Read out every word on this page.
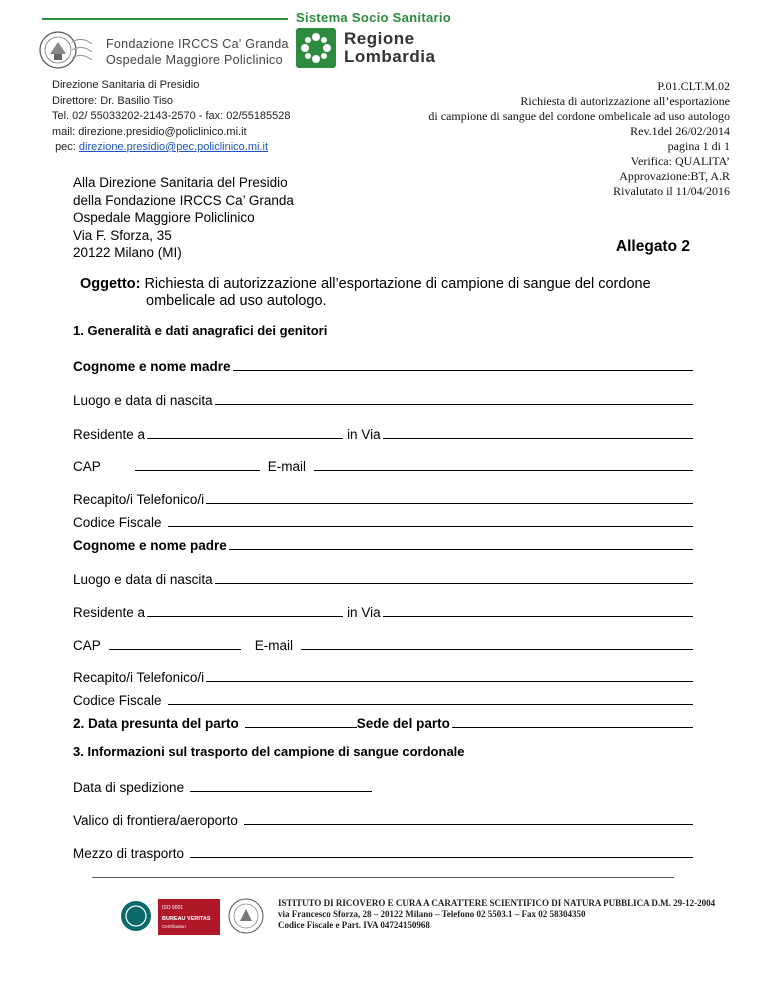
Sistema Socio Sanitario
Fondazione IRCCS Ca' Granda
Ospedale Maggiore Policlinico
Regione
Lombardia
Direzione Sanitaria di Presidio
Direttore: Dr. Basilio Tiso
Tel. 02/ 55033202-2143-2570 - fax: 02/55185528
mail: direzione.presidio@policlinico.mi.it
pec: direzione.presidio@pec.policlinico.mi.it
P.01.CLT.M.02
Richiesta di autorizzazione all’esportazione
di campione di sangue del cordone ombelicale ad uso autologo
Rev.1del 26/02/2014
pagina 1 di 1
Verifica: QUALITA’
Approvazione:BT, A.R
Rivalutato il 11/04/2016
Alla Direzione Sanitaria del Presidio
della Fondazione IRCCS Ca’ Granda
Ospedale Maggiore Policlinico
Via F. Sforza, 35
20122 Milano (MI)	Allegato 2
Oggetto: Richiesta di autorizzazione all’esportazione di campione di sangue del cordone
ombelicale ad uso autologo.
1. Generalità e dati anagrafici dei genitori
Cognome e nome madre
Luogo e data di nascita
Residente a	in Via
CAP	E-mail
Recapito/i Telefonico/i
Codice Fiscale
Cognome e nome padre
Luogo e data di nascita
Residente a	in Via
CAP	E-mail
Recapito/i Telefonico/i
Codice Fiscale
2. Data presunta del parto	Sede del parto
3. Informazioni sul trasporto del campione di sangue cordonale
Data di spedizione
Valico di frontiera/aeroporto
Mezzo di trasporto
ISO 9001
BUREAU VERITAS
Certification
ISTITUTO DI RICOVERO E CURA A CARATTERE SCIENTIFICO DI NATURA PUBBLICA D.M. 29-12-2004
via Francesco Sforza, 28 – 20122 Milano – Telefono 02 5503.1 – Fax 02 58304350
Codice Fiscale e Part. IVA 04724150968
